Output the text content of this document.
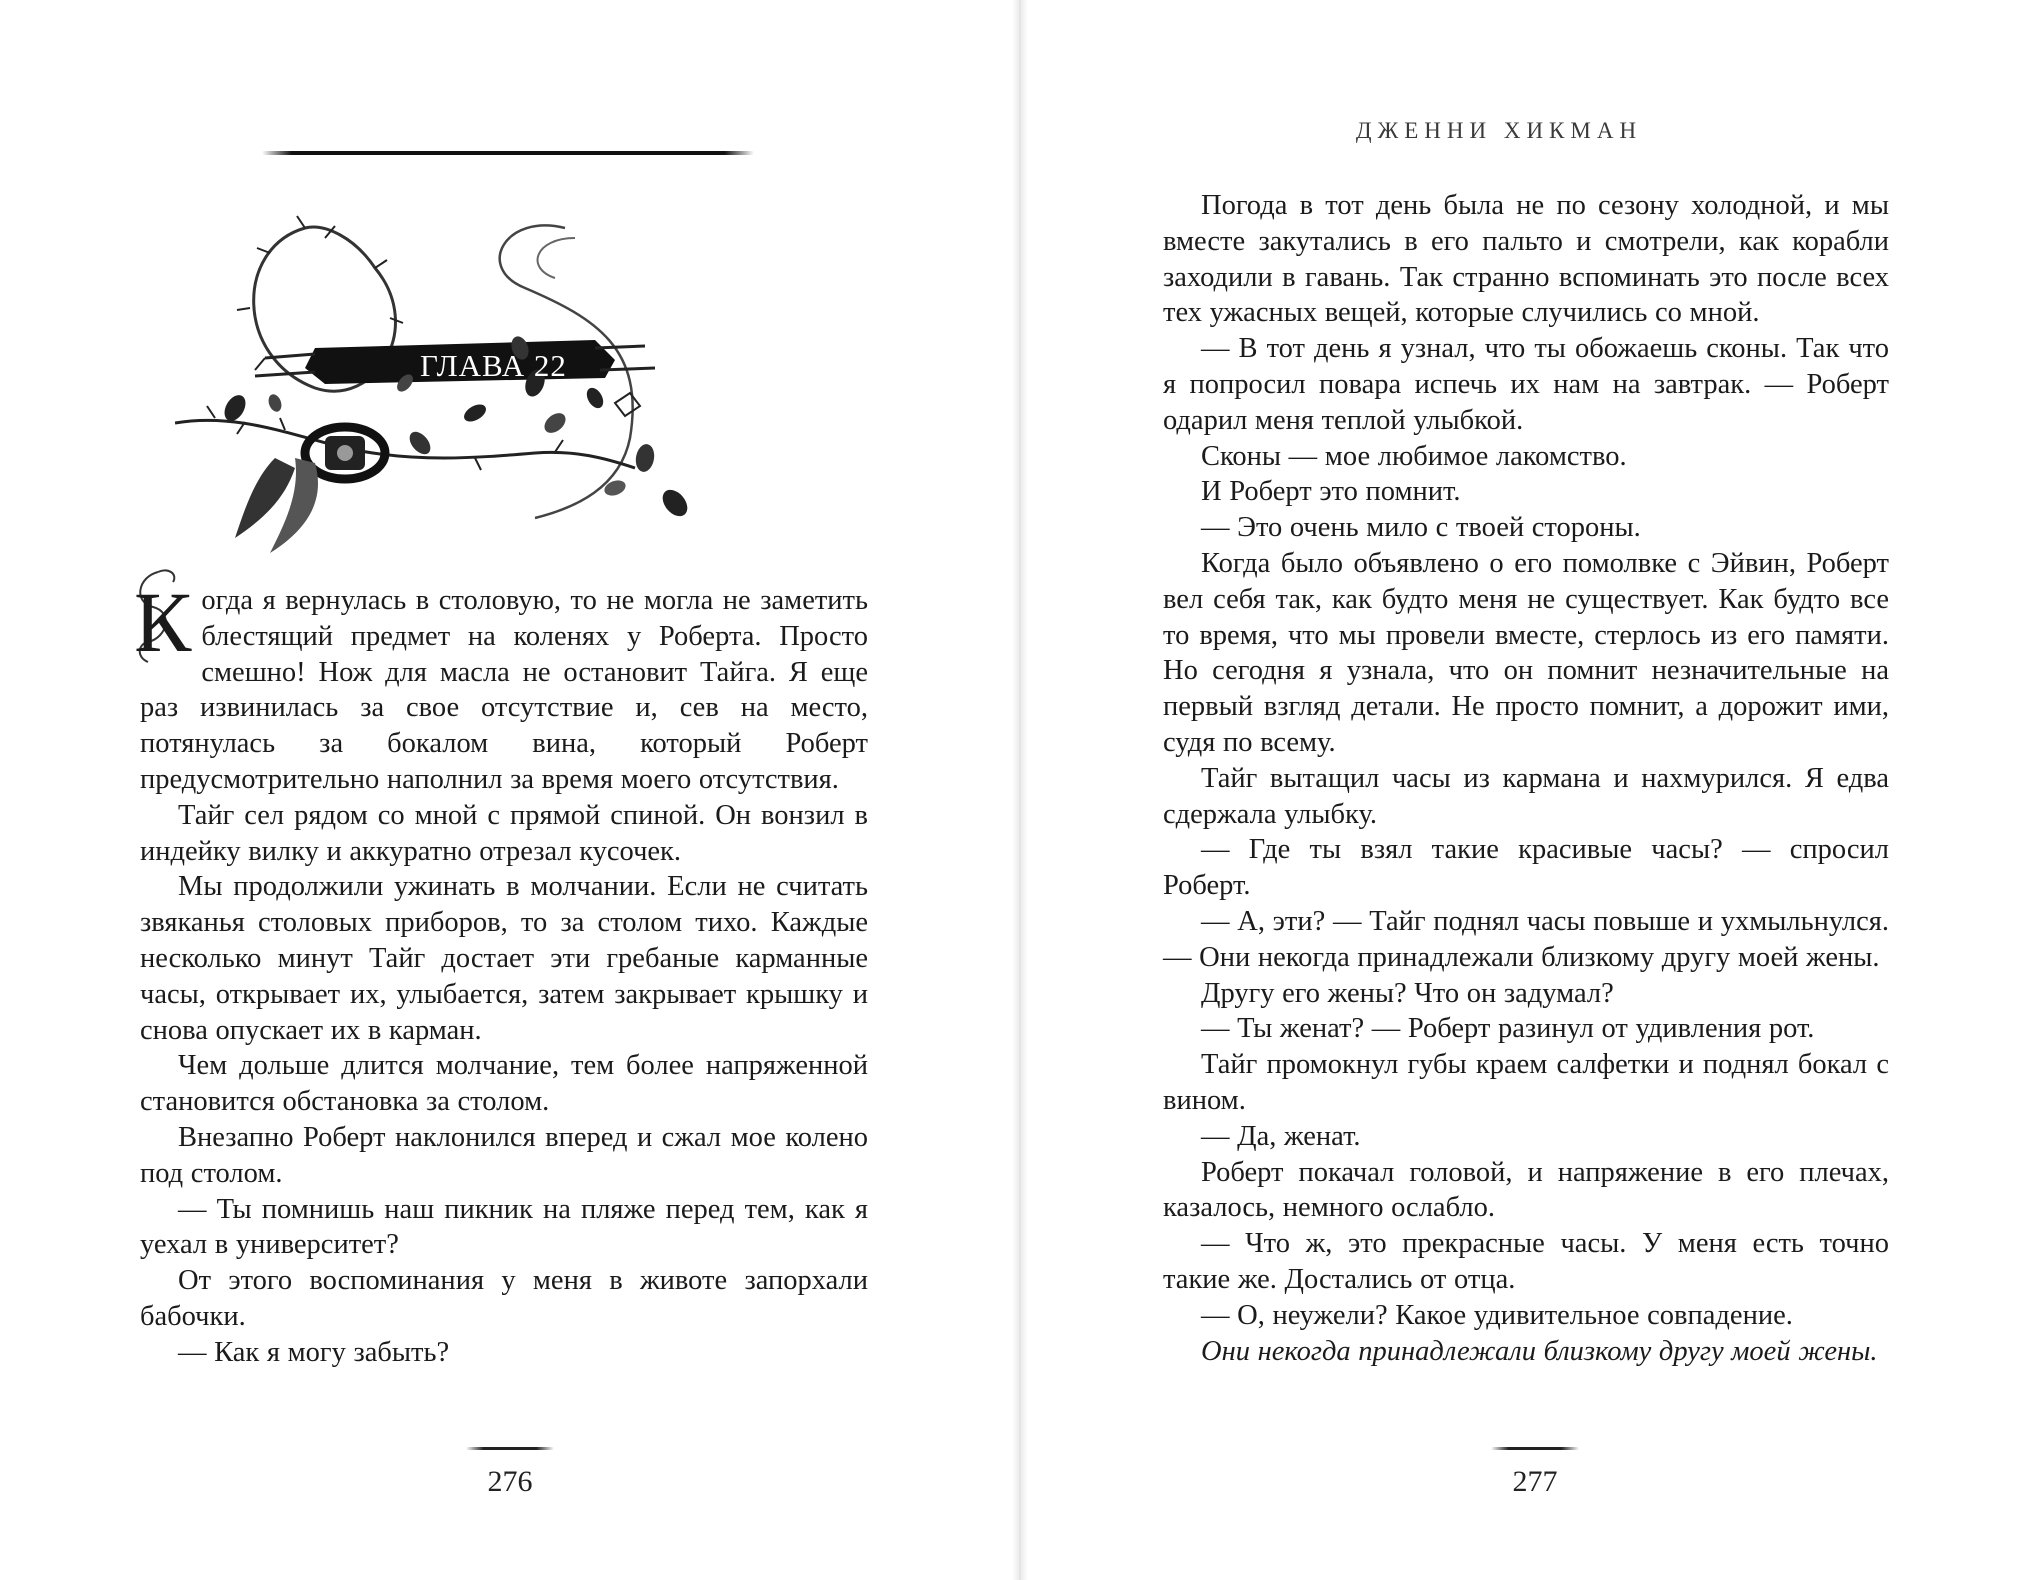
ГЛАВА 22

Когда я вернулась в столовую, то не могла не заметить блестящий предмет на коленях у Роберта. Просто смешно! Нож для масла не остановит Тайга. Я еще раз извинилась за свое отсутствие и, сев на место, потянулась за бокалом вина, который Роберт предусмотрительно наполнил за время моего отсутствия.

Тайг сел рядом со мной с прямой спиной. Он вонзил в индейку вилку и аккуратно отрезал кусочек.

Мы продолжили ужинать в молчании. Если не считать звяканья столовых приборов, то за столом тихо. Каждые несколько минут Тайг достает эти гребаные карманные часы, открывает их, улыбается, затем закрывает крышку и снова опускает их в карман.

Чем дольше длится молчание, тем более напряженной становится обстановка за столом.

Внезапно Роберт наклонился вперед и сжал мое колено под столом.

— Ты помнишь наш пикник на пляже перед тем, как я уехал в университет?

От этого воспоминания у меня в животе запорхали бабочки.

— Как я могу забыть?

276
ДЖЕННИ ХИКМАН

Погода в тот день была не по сезону холодной, и мы вместе закутались в его пальто и смотрели, как корабли заходили в гавань. Так странно вспоминать это после всех тех ужасных вещей, которые случились со мной.

— В тот день я узнал, что ты обожаешь сконы. Так что я попросил повара испечь их нам на завтрак. — Роберт одарил меня теплой улыбкой.

Сконы — мое любимое лакомство.

И Роберт это помнит.

— Это очень мило с твоей стороны.

Когда было объявлено о его помолвке с Эйвин, Роберт вел себя так, как будто меня не существует. Как будто все то время, что мы провели вместе, стерлось из его памяти. Но сегодня я узнала, что он помнит незначительные на первый взгляд детали. Не просто помнит, а дорожит ими, судя по всему.

Тайг вытащил часы из кармана и нахмурился. Я едва сдержала улыбку.

— Где ты взял такие красивые часы? — спросил Роберт.

— А, эти? — Тайг поднял часы повыше и ухмыльнулся. — Они некогда принадлежали близкому другу моей жены.

Другу его жены? Что он задумал?

— Ты женат? — Роберт разинул от удивления рот.

Тайг промокнул губы краем салфетки и поднял бокал с вином.

— Да, женат.

Роберт покачал головой, и напряжение в его плечах, казалось, немного ослабло.

— Что ж, это прекрасные часы. У меня есть точно такие же. Достались от отца.

— О, неужели? Какое удивительное совпадение.

Они некогда принадлежали близкому другу моей жены.

277
